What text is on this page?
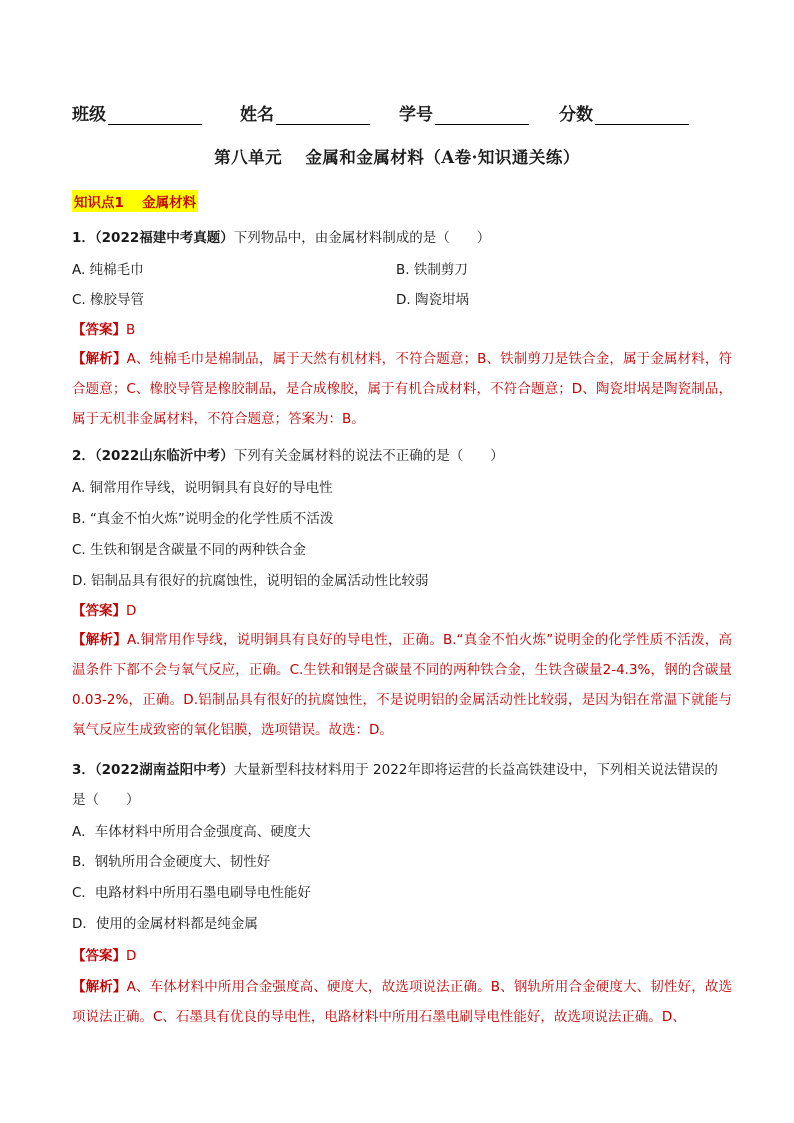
班级	姓名	学号	分数
第八单元　 金属和金属材料（A卷·知识通关练）
知识点1　 金属材料
1．（2022福建中考真题）下列物品中，由金属材料制成的是（　　）
A. 纯棉毛巾	B. 铁制剪刀
C. 橡胶导管	D. 陶瓷坩埚
【答案】B
【解析】A、纯棉毛巾是棉制品，属于天然有机材料，不符合题意；B、铁制剪刀是铁合金，属于金属材料，符合题意；C、橡胶导管是橡胶制品，是合成橡胶，属于有机合成材料，不符合题意；D、陶瓷坩埚是陶瓷制品，属于无机非金属材料，不符合题意；答案为：B。
2．（2022山东临沂中考）下列有关金属材料的说法不正确的是（　　）
A. 铜常用作导线，说明铜具有良好的导电性
B. “真金不怕火炼”说明金的化学性质不活泼
C. 生铁和钢是含碳量不同的两种铁合金
D. 铝制品具有很好的抗腐蚀性，说明铝的金属活动性比较弱
【答案】D
【解析】A.铜常用作导线，说明铜具有良好的导电性，正确。B.“真金不怕火炼”说明金的化学性质不活泼，高温条件下都不会与氧气反应，正确。C.生铁和钢是含碳量不同的两种铁合金，生铁含碳量2-4.3%，钢的含碳量0.03-2%，正确。D.铝制品具有很好的抗腐蚀性，不是说明铝的金属活动性比较弱，是因为铝在常温下就能与氧气反应生成致密的氧化铝膜，选项错误。故选：D。
3．（2022湖南益阳中考）大量新型科技材料用于 2022年即将运营的长益高铁建设中，下列相关说法错误的
是（　　）
A．车体材料中所用合金强度高、硬度大
B．钢轨所用合金硬度大、韧性好
C．电路材料中所用石墨电刷导电性能好
D．使用的金属材料都是纯金属
【答案】D
【解析】A、车体材料中所用合金强度高、硬度大，故选项说法正确。B、钢轨所用合金硬度大、韧性好，故选项说法正确。C、石墨具有优良的导电性，电路材料中所用石墨电刷导电性能好，故选项说法正确。D、
